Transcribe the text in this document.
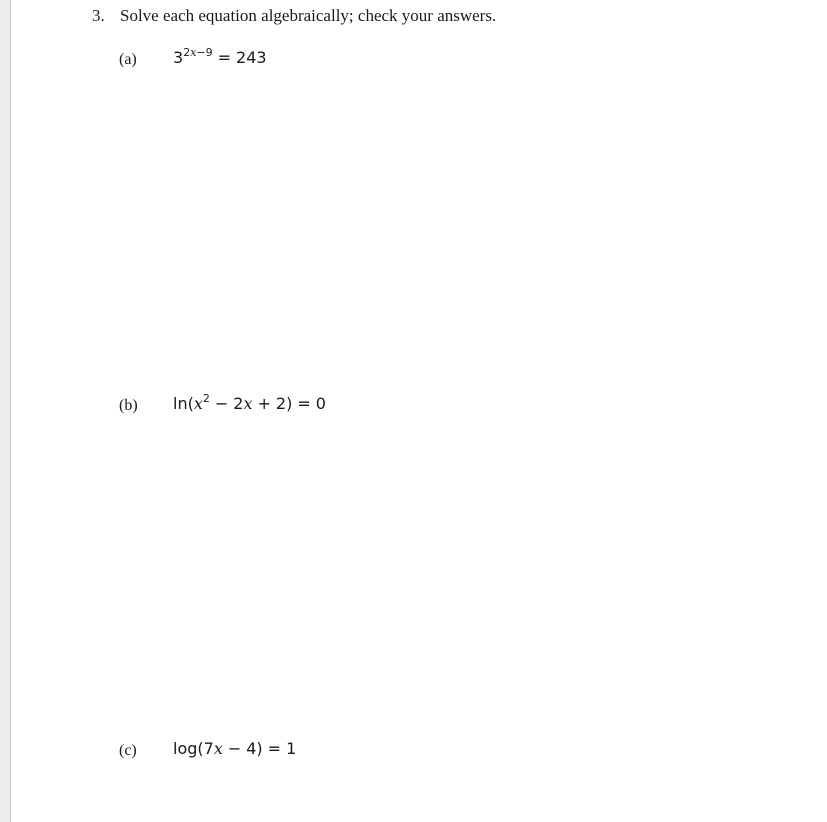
3. Solve each equation algebraically; check your answers.
(a) $3^{2x-9} = 243$
(b) $\ln(x^2 - 2x + 2) = 0$
(c) log(7x − 4) = 1
